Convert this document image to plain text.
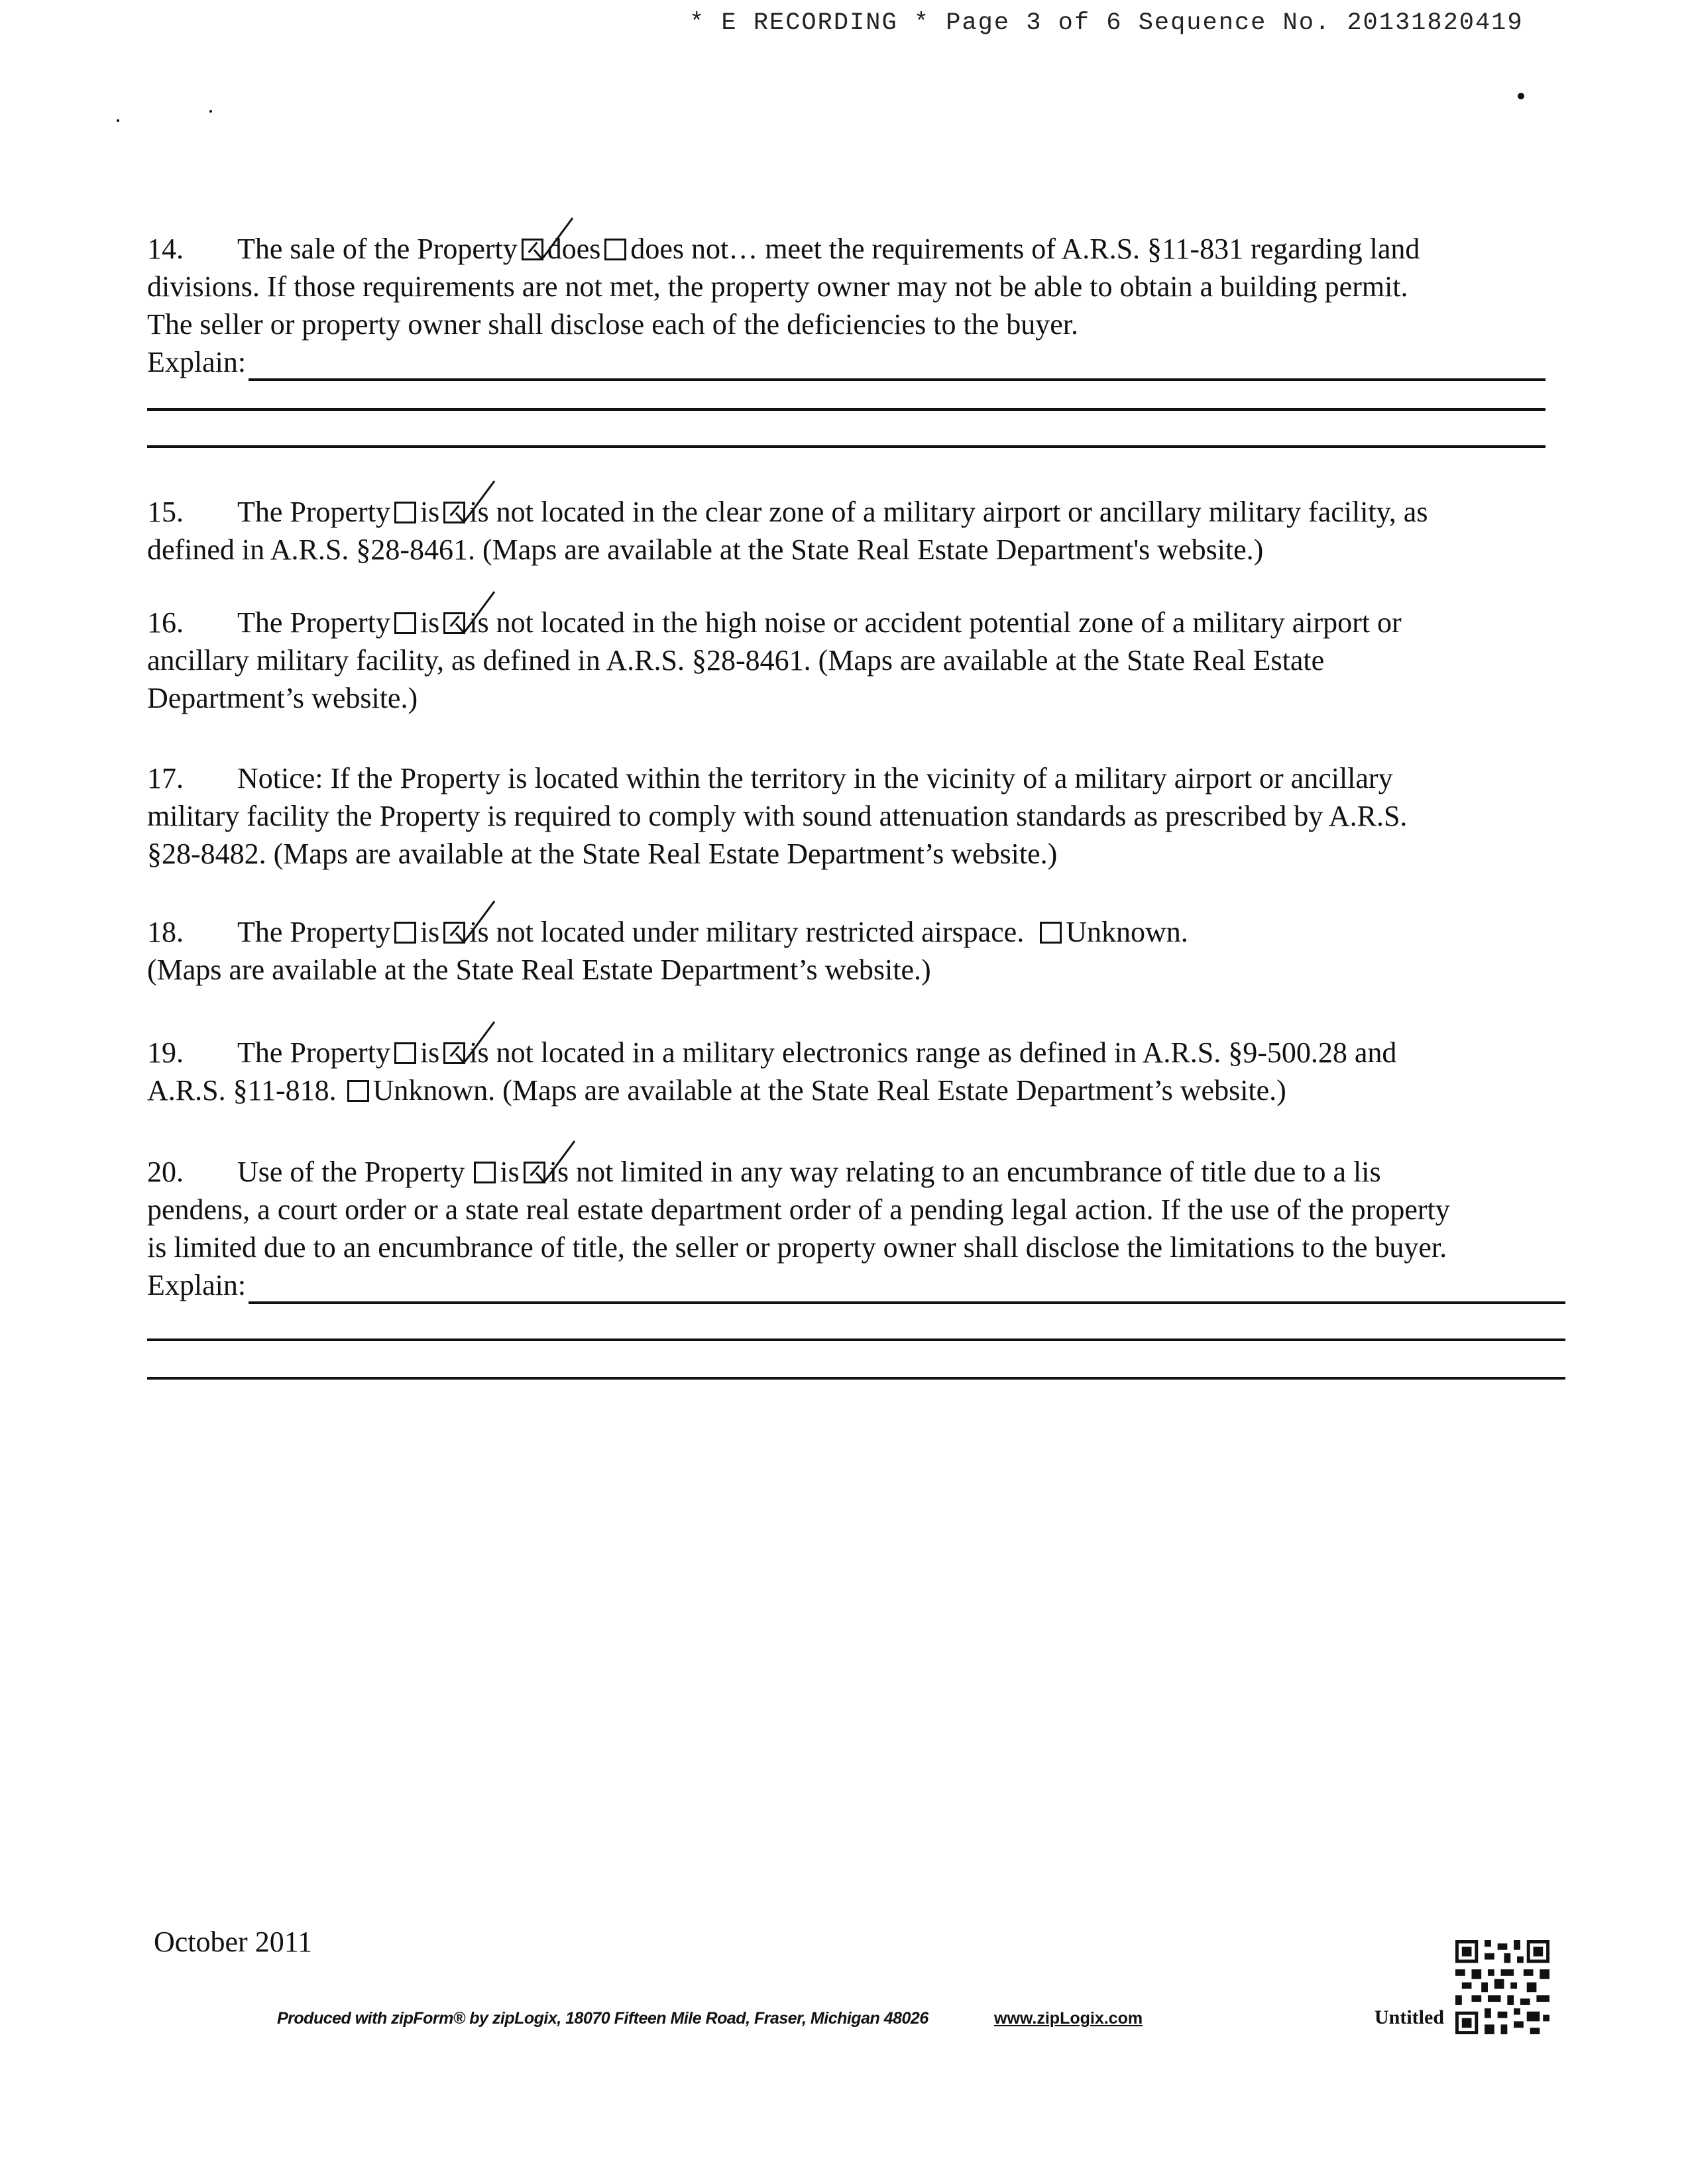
* E RECORDING * Page 3 of 6 Sequence No. 20131820419

14. The sale of the Property does does not… meet the requirements of A.R.S. §11-831 regarding land

divisions. If those requirements are not met, the property owner may not be able to obtain a building permit.

The seller or property owner shall disclose each of the deficiencies to the buyer.

Explain:

15. The Property is is not located in the clear zone of a military airport or ancillary military facility, as

defined in A.R.S. §28-8461. (Maps are available at the State Real Estate Department's website.)

16. The Property is is not located in the high noise or accident potential zone of a military airport or

ancillary military facility, as defined in A.R.S. §28-8461. (Maps are available at the State Real Estate

Department’s website.)

17. Notice: If the Property is located within the territory in the vicinity of a military airport or ancillary

military facility the Property is required to comply with sound attenuation standards as prescribed by A.R.S.

§28-8482. (Maps are available at the State Real Estate Department’s website.)

18. The Property is is not located under military restricted airspace. Unknown.

(Maps are available at the State Real Estate Department’s website.)

19. The Property is is not located in a military electronics range as defined in A.R.S. §9-500.28 and

A.R.S. §11-818. Unknown. (Maps are available at the State Real Estate Department’s website.)

20. Use of the Property is is not limited in any way relating to an encumbrance of title due to a lis

pendens, a court order or a state real estate department order of a pending legal action. If the use of the property

is limited due to an encumbrance of title, the seller or property owner shall disclose the limitations to the buyer.

Explain:
October 2011
Produced with zipForm® by zipLogix, 18070 Fifteen Mile Road, Fraser, Michigan 48026	www.zipLogix.com	Untitled
